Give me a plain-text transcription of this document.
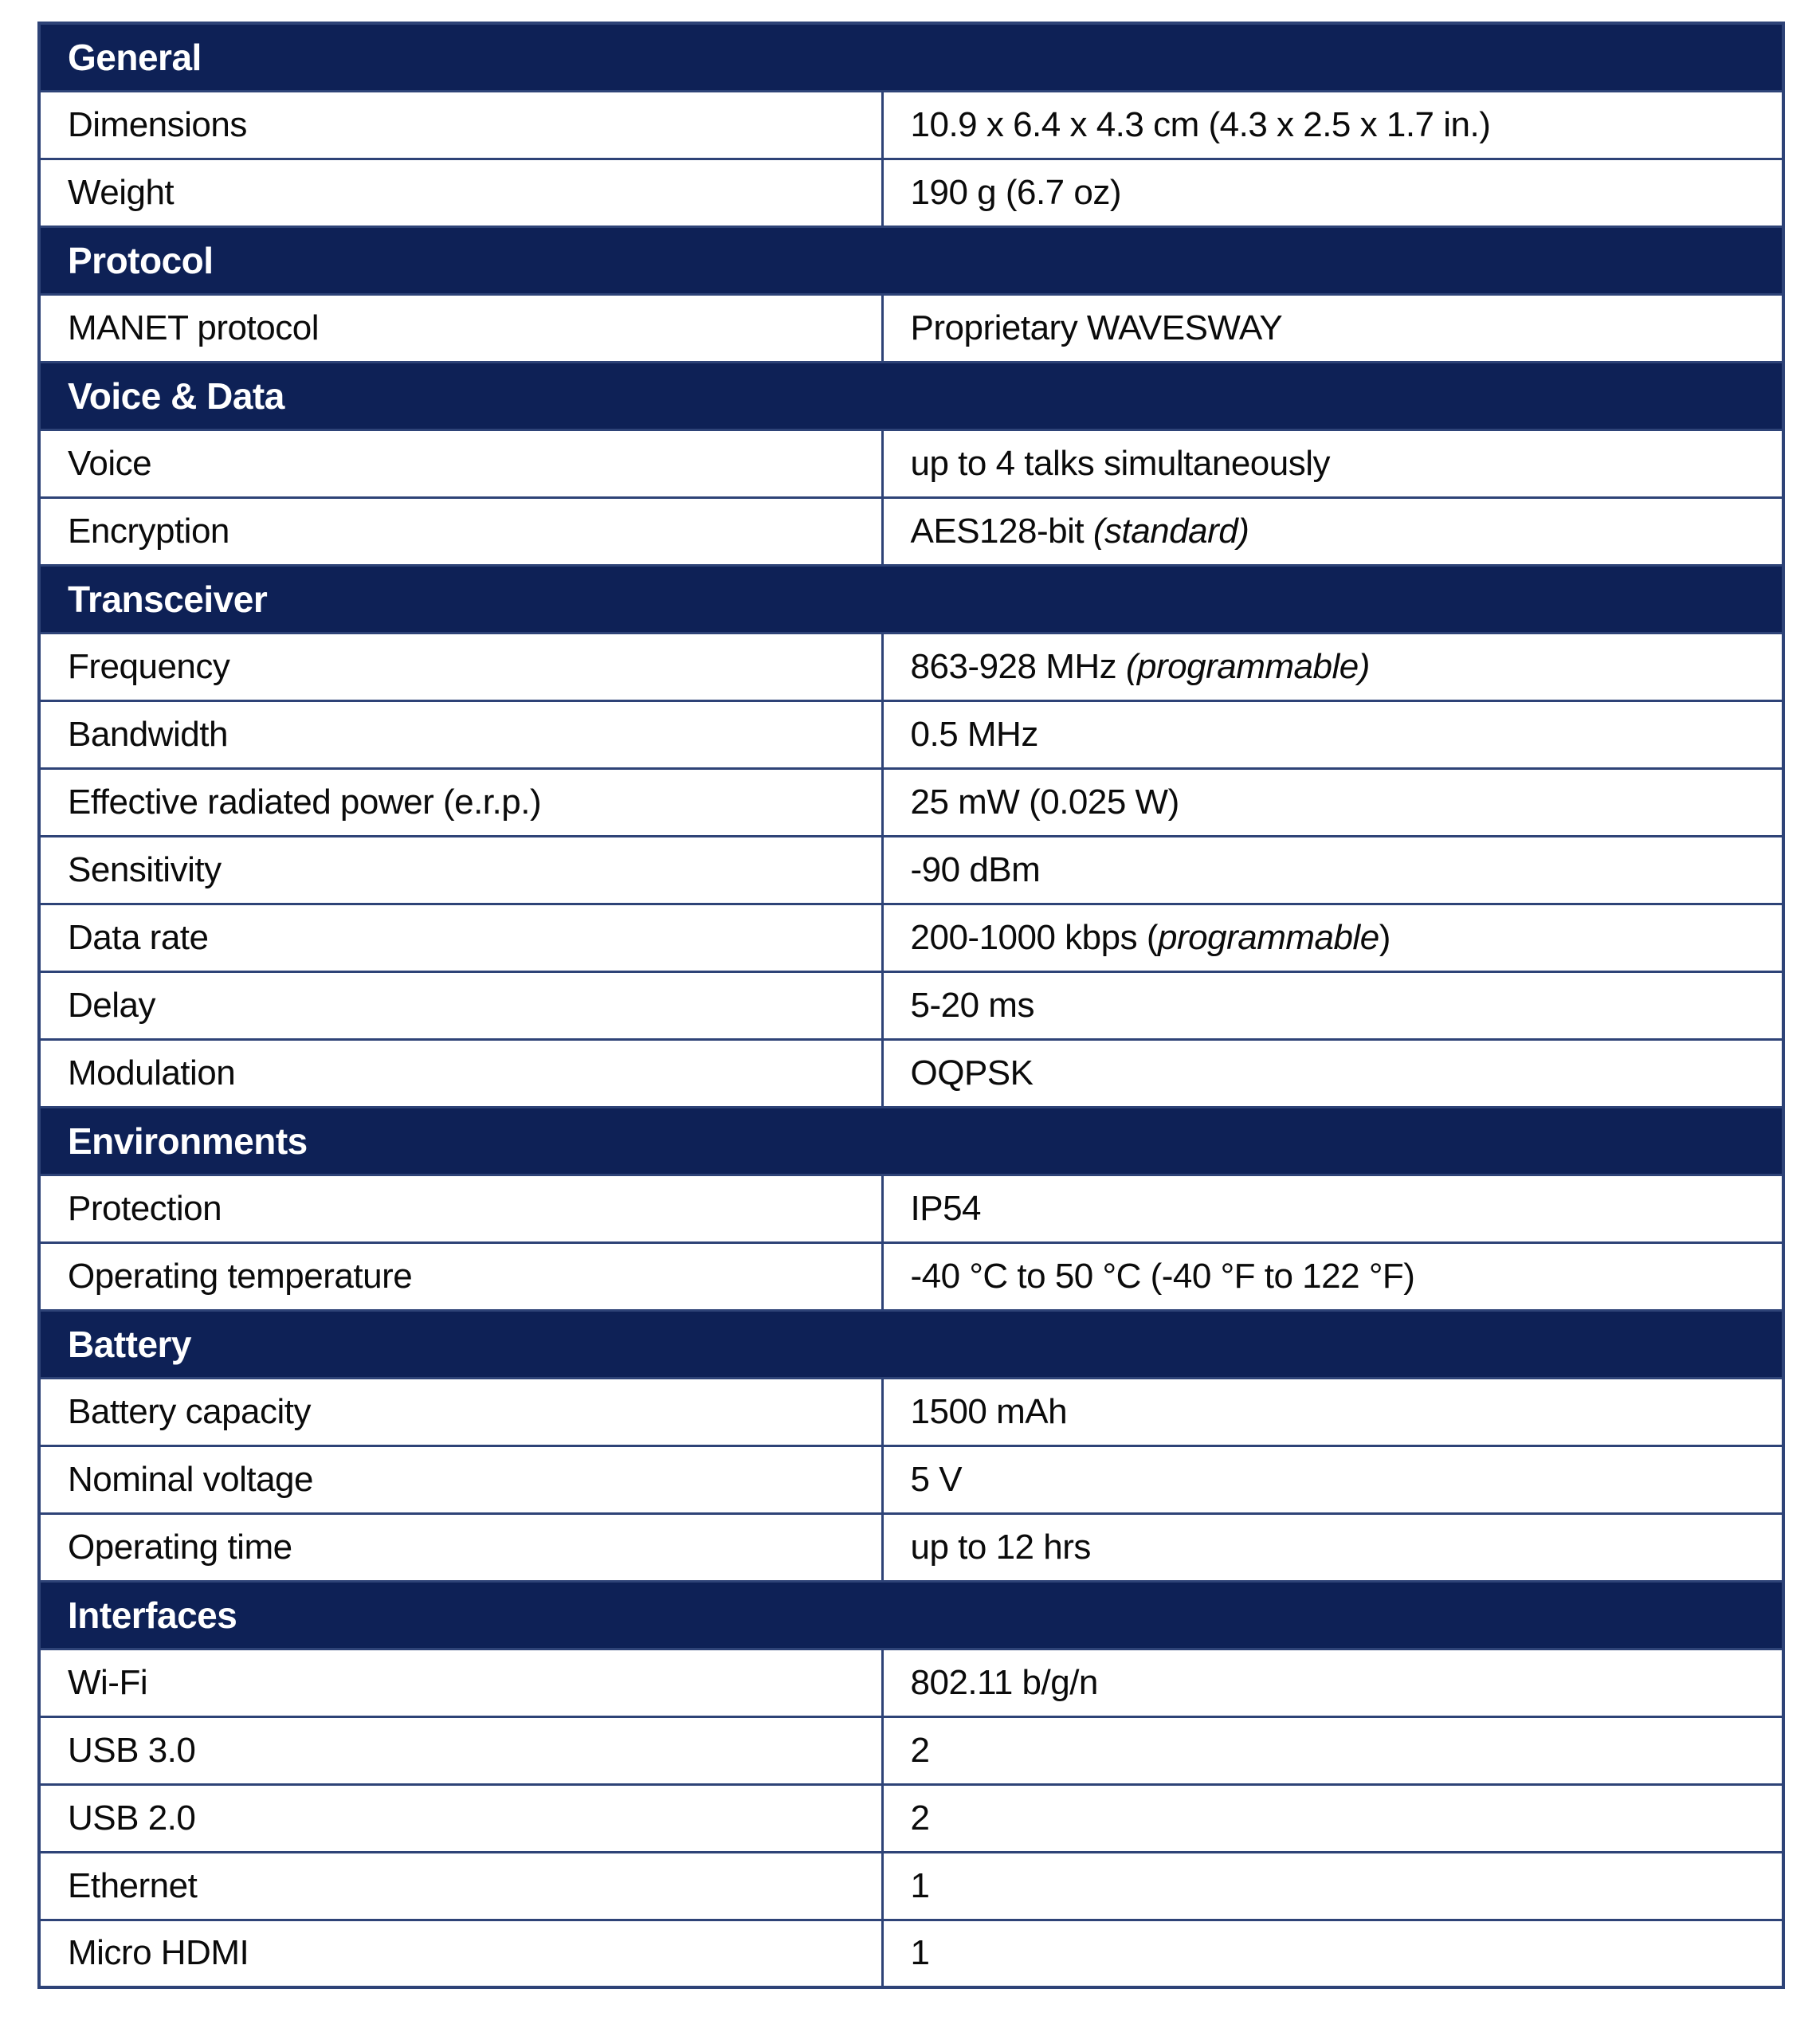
General	
Dimensions	10.9 x 6.4 x 4.3 cm (4.3 x 2.5 x 1.7 in.)
Weight	190 g (6.7 oz)
Protocol	
MANET protocol	Proprietary WAVESWAY
Voice & Data	
Voice	up to 4 talks simultaneously
Encryption	AES128-bit (standard)
Transceiver	
Frequency	863-928 MHz (programmable)
Bandwidth	0.5 MHz
Effective radiated power (e.r.p.)	25 mW (0.025 W)
Sensitivity	-90 dBm
Data rate	200-1000 kbps (programmable)
Delay	5-20 ms
Modulation	OQPSK
Environments	
Protection	IP54
Operating temperature	-40 °C to 50 °C (-40 °F to 122 °F)
Battery	
Battery capacity	1500 mAh
Nominal voltage	5 V
Operating time	up to 12 hrs
Interfaces	
Wi-Fi	802.11 b/g/n
USB 3.0	2
USB 2.0	2
Ethernet	1
Micro HDMI	1
